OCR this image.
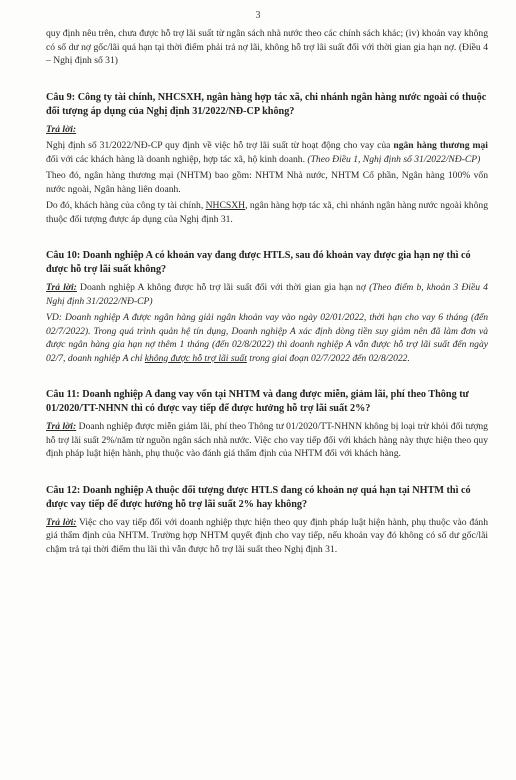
3

quy định nêu trên, chưa được hỗ trợ lãi suất từ ngân sách nhà nước theo các chính sách khác; (iv) khoản vay không có số dư nợ gốc/lãi quá hạn tại thời điểm phải trả nợ lãi, không hỗ trợ lãi suất đối với thời gian gia hạn nợ. (Điều 4 – Nghị định số 31)

Câu 9: Công ty tài chính, NHCSXH, ngân hàng hợp tác xã, chi nhánh ngân hàng nước ngoài có thuộc đối tượng áp dụng của Nghị định 31/2022/NĐ-CP không?

Trả lời:

Nghị định số 31/2022/NĐ-CP quy định về việc hỗ trợ lãi suất từ hoạt động cho vay của ngân hàng thương mại đối với các khách hàng là doanh nghiệp, hợp tác xã, hộ kinh doanh. (Theo Điều 1, Nghị định số 31/2022/NĐ-CP)

Theo đó, ngân hàng thương mại (NHTM) bao gồm: NHTM Nhà nước, NHTM Cổ phần, Ngân hàng 100% vốn nước ngoài, Ngân hàng liên doanh.

Do đó, khách hàng của công ty tài chính, NHCSXH, ngân hàng hợp tác xã, chi nhánh ngân hàng nước ngoài không thuộc đối tượng được áp dụng của Nghị định 31.

Câu 10: Doanh nghiệp A có khoản vay đang được HTLS, sau đó khoản vay được gia hạn nợ thì có được hỗ trợ lãi suất không?

Trả lời: Doanh nghiệp A không được hỗ trợ lãi suất đối với thời gian gia hạn nợ (Theo điểm b, khoản 3 Điều 4 Nghị định 31/2022/NĐ-CP)

VD: Doanh nghiệp A được ngân hàng giải ngân khoản vay vào ngày 02/01/2022, thời hạn cho vay 6 tháng (đến 02/7/2022). Trong quá trình quản hệ tín dụng, Doanh nghiệp A xác định dòng tiền suy giảm nên đã làm đơn và được ngân hàng gia hạn nợ thêm 1 tháng (đến 02/8/2022) thì doanh nghiệp A vẫn được hỗ trợ lãi suất đến ngày 02/7, doanh nghiệp A chỉ không được hỗ trợ lãi suất trong giai đoạn 02/7/2022 đến 02/8/2022.

Câu 11: Doanh nghiệp A đang vay vốn tại NHTM và đang được miễn, giảm lãi, phí theo Thông tư 01/2020/TT-NHNN thì có được vay tiếp để được hưởng hỗ trợ lãi suất 2%?

Trả lời: Doanh nghiệp được miễn giảm lãi, phí theo Thông tư 01/2020/TT-NHNN không bị loại trừ khỏi đối tượng hỗ trợ lãi suất 2%/năm từ nguồn ngân sách nhà nước. Việc cho vay tiếp đối với khách hàng này thực hiện theo quy định pháp luật hiện hành, phụ thuộc vào đánh giá thẩm định của NHTM đối với khách hàng.

Câu 12: Doanh nghiệp A thuộc đối tượng được HTLS đang có khoản nợ quá hạn tại NHTM thì có được vay tiếp để được hưởng hỗ trợ lãi suất 2% hay không?

Trả lời: Việc cho vay tiếp đối với doanh nghiệp thực hiện theo quy định pháp luật hiện hành, phụ thuộc vào đánh giá thẩm định của NHTM. Trường hợp NHTM quyết định cho vay tiếp, nếu khoản vay đó không có số dư gốc/lãi chậm trả tại thời điểm thu lãi thì vẫn được hỗ trợ lãi suất theo Nghị định 31.
